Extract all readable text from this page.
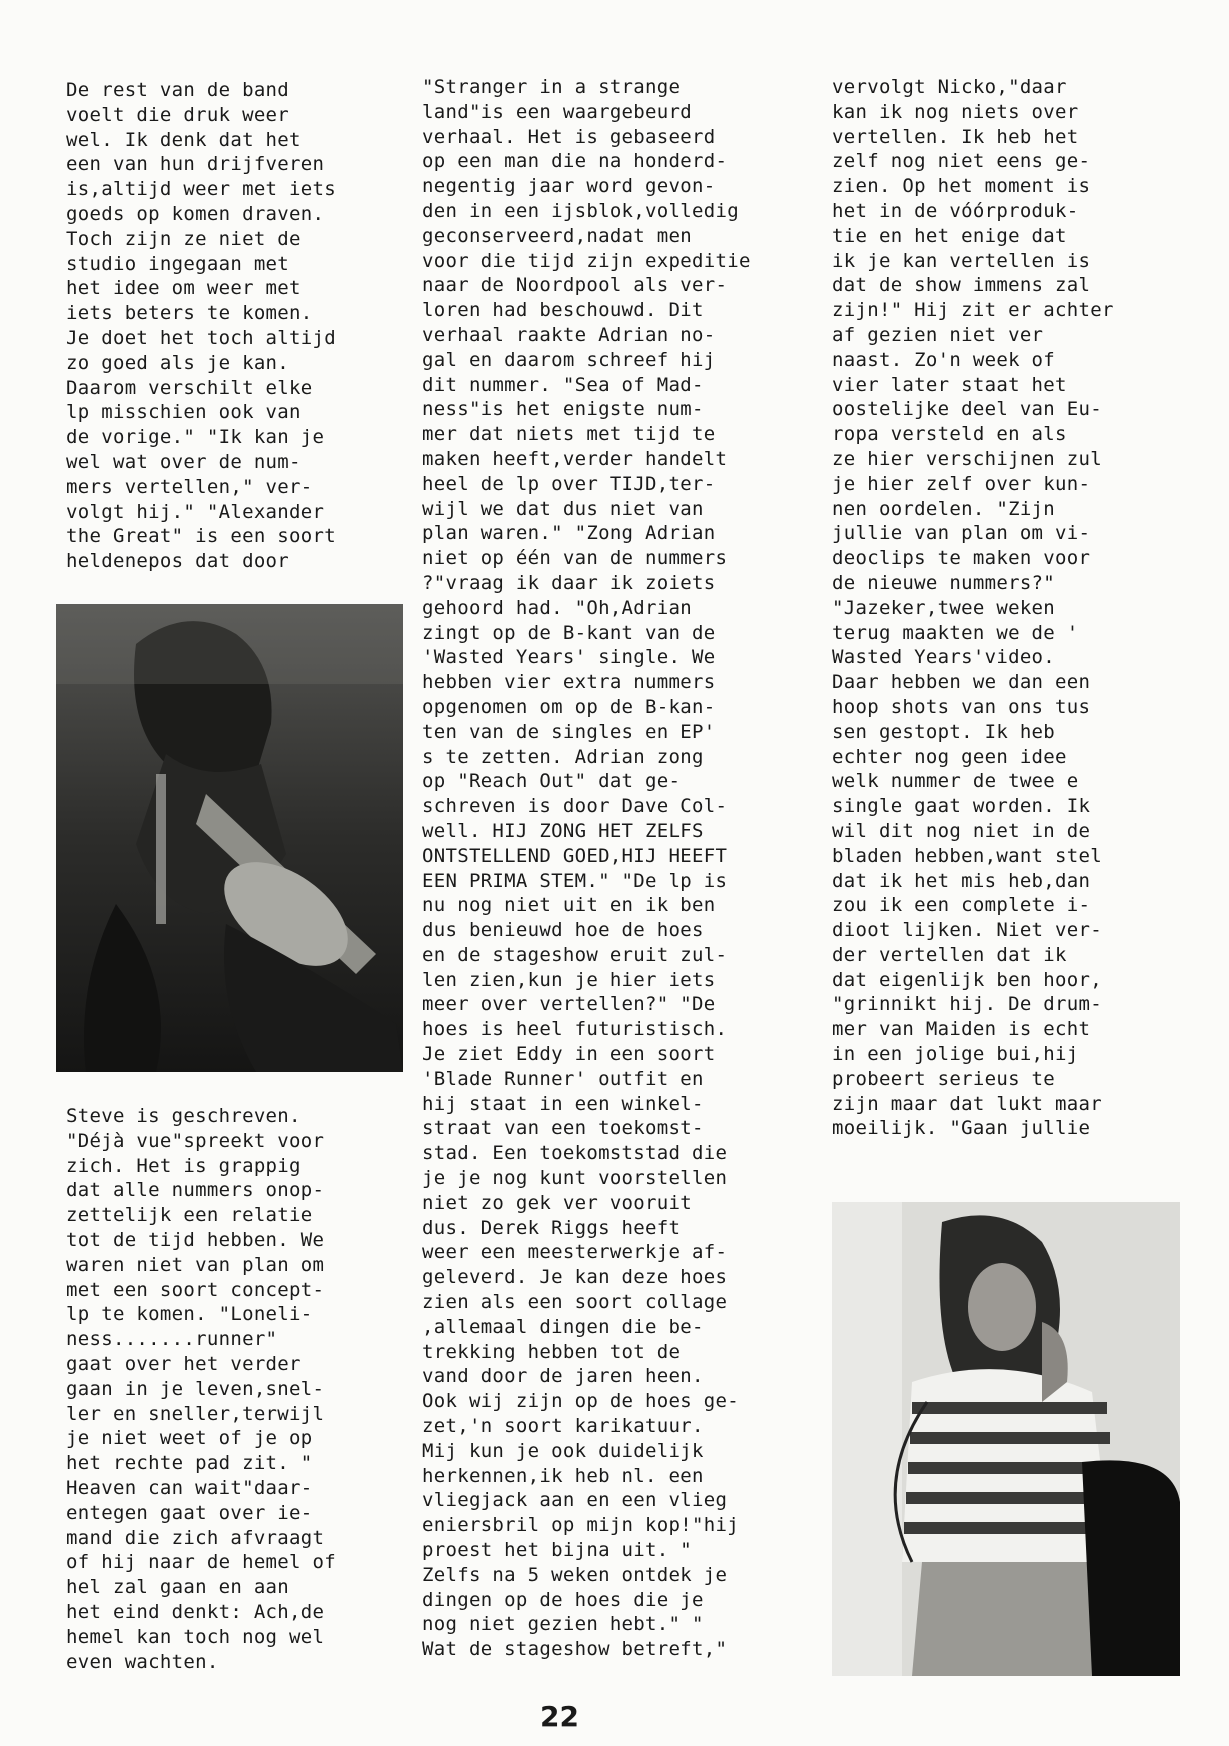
De rest van de band
voelt die druk weer
wel. Ik denk dat het
een van hun drijfveren
is,altijd weer met iets
goeds op komen draven.
Toch zijn ze niet de
studio ingegaan met
het idee om weer met
iets beters te komen.
Je doet het toch altijd
zo goed als je kan.
Daarom verschilt elke
lp misschien ook van
de vorige." "Ik kan je
wel wat over de num-
mers vertellen," ver-
volgt hij." "Alexander
the Great" is een soort
heldenepos dat door
Steve is geschreven.
"Déjà vue"spreekt voor
zich. Het is grappig
dat alle nummers onop-
zettelijk een relatie
tot de tijd hebben. We
waren niet van plan om
met een soort concept-
lp te komen. "Loneli-
ness.......runner"
gaat over het verder
gaan in je leven,snel-
ler en sneller,terwijl
je niet weet of je op
het rechte pad zit. "
Heaven can wait"daar-
entegen gaat over ie-
mand die zich afvraagt
of hij naar de hemel of
hel zal gaan en aan
het eind denkt: Ach,de
hemel kan toch nog wel
even wachten.
"Stranger in a strange
land"is een waargebeurd
verhaal. Het is gebaseerd
op een man die na honderd-
negentig jaar word gevon-
den in een ijsblok,volledig
geconserveerd,nadat men
voor die tijd zijn expeditie
naar de Noordpool als ver-
loren had beschouwd. Dit
verhaal raakte Adrian no-
gal en daarom schreef hij
dit nummer. "Sea of Mad-
ness"is het enigste num-
mer dat niets met tijd te
maken heeft,verder handelt
heel de lp over TIJD,ter-
wijl we dat dus niet van
plan waren." "Zong Adrian
niet op één van de nummers
?"vraag ik daar ik zoiets
gehoord had. "Oh,Adrian
zingt op de B-kant van de
'Wasted Years' single. We
hebben vier extra nummers
opgenomen om op de B-kan-
ten van de singles en EP'
s te zetten. Adrian zong
op "Reach Out" dat ge-
schreven is door Dave Col-
well. HIJ ZONG HET ZELFS
ONTSTELLEND GOED,HIJ HEEFT
EEN PRIMA STEM." "De lp is
nu nog niet uit en ik ben
dus benieuwd hoe de hoes
en de stageshow eruit zul-
len zien,kun je hier iets
meer over vertellen?" "De
hoes is heel futuristisch.
Je ziet Eddy in een soort
'Blade Runner' outfit en
hij staat in een winkel-
straat van een toekomst-
stad. Een toekomststad die
je je nog kunt voorstellen
niet zo gek ver vooruit
dus. Derek Riggs heeft
weer een meesterwerkje af-
geleverd. Je kan deze hoes
zien als een soort collage
,allemaal dingen die be-
trekking hebben tot de
vand door de jaren heen.
Ook wij zijn op de hoes ge-
zet,'n soort karikatuur.
Mij kun je ook duidelijk
herkennen,ik heb nl. een
vliegjack aan en een vlieg
eniersbril op mijn kop!"hij
proest het bijna uit. "
Zelfs na 5 weken ontdek je
dingen op de hoes die je
nog niet gezien hebt." "
Wat de stageshow betreft,"
vervolgt Nicko,"daar
kan ik nog niets over
vertellen. Ik heb het
zelf nog niet eens ge-
zien. Op het moment is
het in de vóórproduk-
tie en het enige dat
ik je kan vertellen is
dat de show immens zal
zijn!" Hij zit er achter
af gezien niet ver
naast. Zo'n week of
vier later staat het
oostelijke deel van Eu-
ropa versteld en als
ze hier verschijnen zul
je hier zelf over kun-
nen oordelen. "Zijn
jullie van plan om vi-
deoclips te maken voor
de nieuwe nummers?"
"Jazeker,twee weken
terug maakten we de '
Wasted Years'video.
Daar hebben we dan een
hoop shots van ons tus
sen gestopt. Ik heb
echter nog geen idee
welk nummer de twee e
single gaat worden. Ik
wil dit nog niet in de
bladen hebben,want stel
dat ik het mis heb,dan
zou ik een complete i-
dioot lijken. Niet ver-
der vertellen dat ik
dat eigenlijk ben hoor,
"grinnikt hij. De drum-
mer van Maiden is echt
in een jolige bui,hij
probeert serieus te
zijn maar dat lukt maar
moeilijk. "Gaan jullie
22
